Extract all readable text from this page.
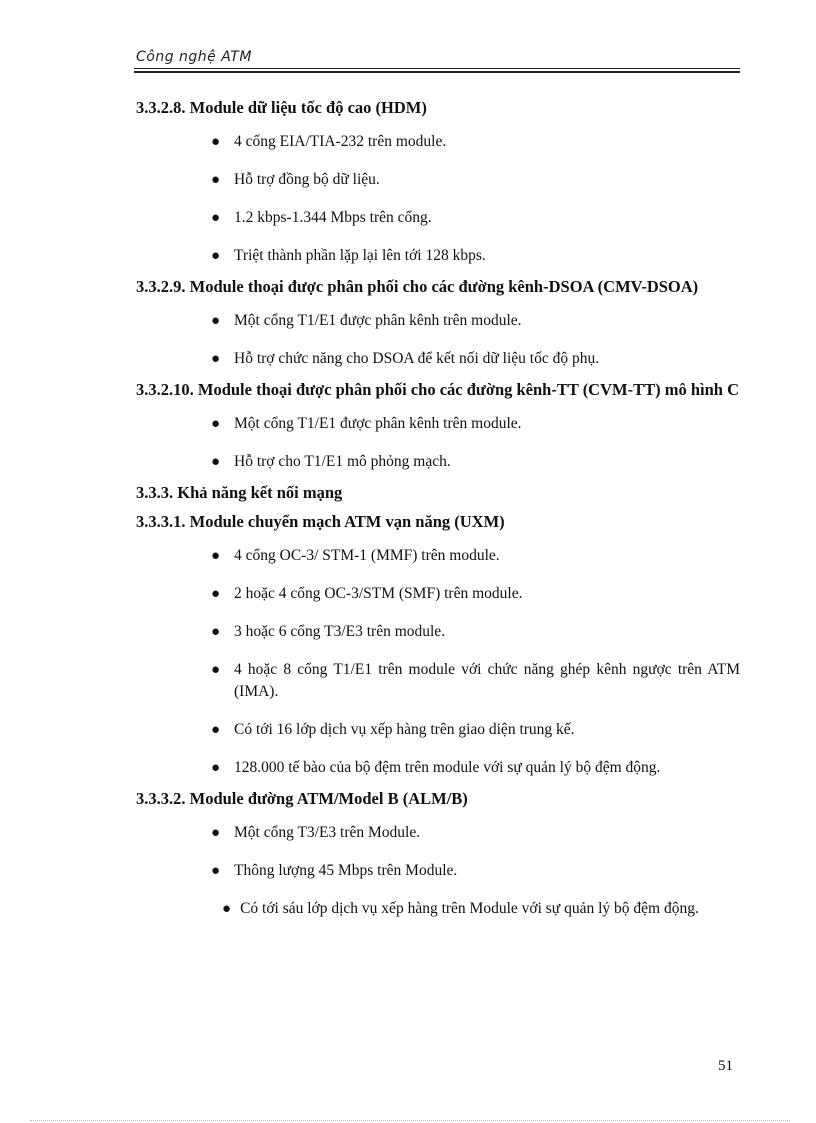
Công nghệ ATM
3.3.2.8. Module dữ liệu tốc độ cao (HDM)
● 4 cổng EIA/TIA-232 trên module.
● Hỗ trợ đồng bộ dữ liệu.
● 1.2 kbps-1.344 Mbps trên cổng.
● Triệt thành phần lặp lại lên tới 128 kbps.
3.3.2.9. Module thoại được phân phối cho các đường kênh-DSOA (CMV-DSOA)
● Một cổng T1/E1 được phân kênh trên module.
● Hỗ trợ chức năng cho DSOA để kết nối dữ liệu tốc độ phụ.
3.3.2.10. Module thoại được phân phối cho các đường kênh-TT (CVM-TT) mô hình C
● Một cổng T1/E1 được phân kênh trên module.
● Hỗ trợ cho T1/E1 mô phỏng mạch.
3.3.3. Khả năng kết nối mạng
3.3.3.1. Module chuyển mạch ATM vạn năng (UXM)
● 4 cổng OC-3/ STM-1 (MMF) trên module.
● 2 hoặc 4 cổng OC-3/STM (SMF) trên module.
● 3 hoặc 6 cổng T3/E3 trên module.
● 4 hoặc 8 cổng T1/E1 trên module với chức năng ghép kênh ngược trên ATM (IMA).
● Có tới 16 lớp dịch vụ xếp hàng trên giao diện trung kế.
● 128.000 tế bào của bộ đệm trên module với sự quản lý bộ đệm động.
3.3.3.2. Module đường ATM/Model B (ALM/B)
● Một cổng T3/E3 trên Module.
● Thông lượng 45 Mbps trên Module.
● Có tới sáu lớp dịch vụ xếp hàng trên Module với sự quản lý bộ đệm động.
51
